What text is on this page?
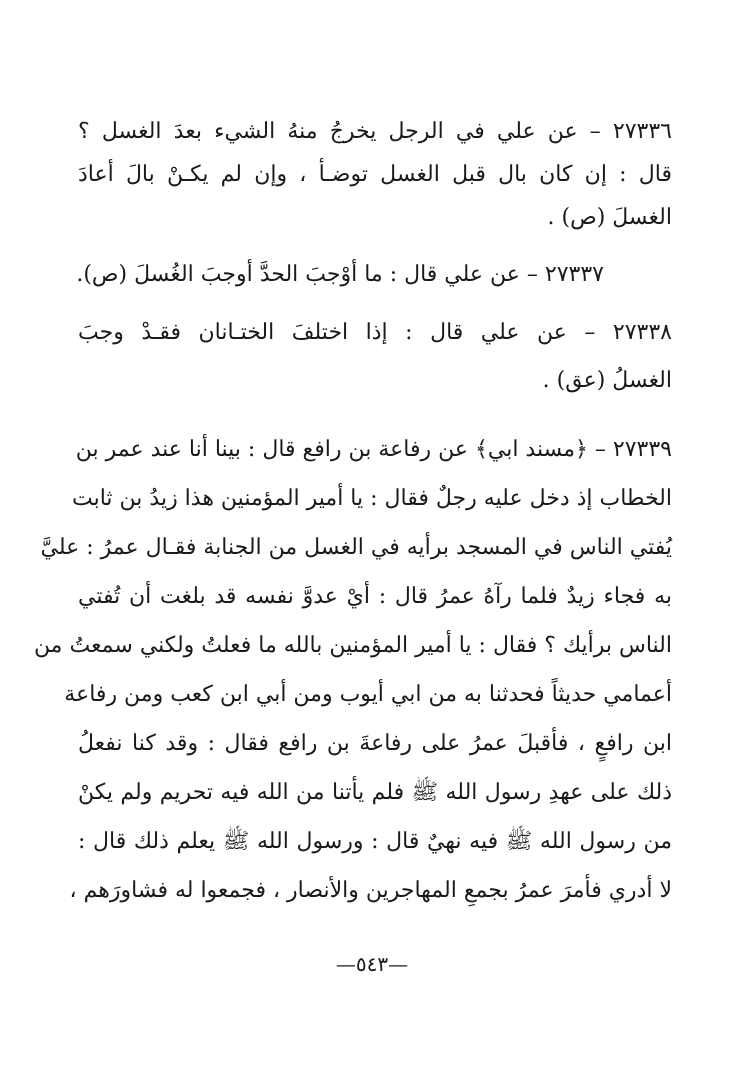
٢٧٣٣٦ – عن علي في الرجل يخرجُ منهُ الشيء بعدَ الغسل ؟
قال : إن كان بال قبل الغسل توضـأ ، وإن لم يكـنْ بالَ أعادَ
الغسلَ (ص) .
٢٧٣٣٧ – عن علي قال : ما أوْجبَ الحدَّ أوجبَ الغُسلَ (ص).
٢٧٣٣٨ – عن علي قال : إذا اختلفَ الختـانان فقـدْ وجبَ
الغسلُ (عق) .
٢٧٣٣٩ – ﴿مسند ابي﴾ عن رفاعة بن رافع قال : بينا أنا عند عمر بن
الخطاب إذ دخل عليه رجلٌ فقال : يا أمير المؤمنين هذا زيدُ بن ثابت
يُفتي الناس في المسجد برأيه في الغسل من الجنابة فقـال عمرُ : عليَّ
به فجاء زيدٌ فلما رآهُ عمرُ قال : أيْ عدوَّ نفسه قد بلغت أن تُفتي
الناس برأيك ؟ فقال : يا أمير المؤمنين بالله ما فعلتُ ولكني سمعتُ من
أعمامي حديثاً فحدثنا به من ابي أيوب ومن أبي ابن كعب ومن رفاعة
ابن رافعٍ ، فأقبلَ عمرُ على رفاعةَ بن رافع فقال : وقد كنا نفعلُ
ذلك على عهدِ رسول الله ﷺ فلم يأتنا من الله فيه تحريم ولم يكنْ
من رسول الله ﷺ فيه نهيٌ قال : ورسول الله ﷺ يعلم ذلك قال :
لا أدري فأمرَ عمرُ بجمعِ المهاجرين والأنصار ، فجمعوا له فشاورَهم ،
—٥٤٣—
